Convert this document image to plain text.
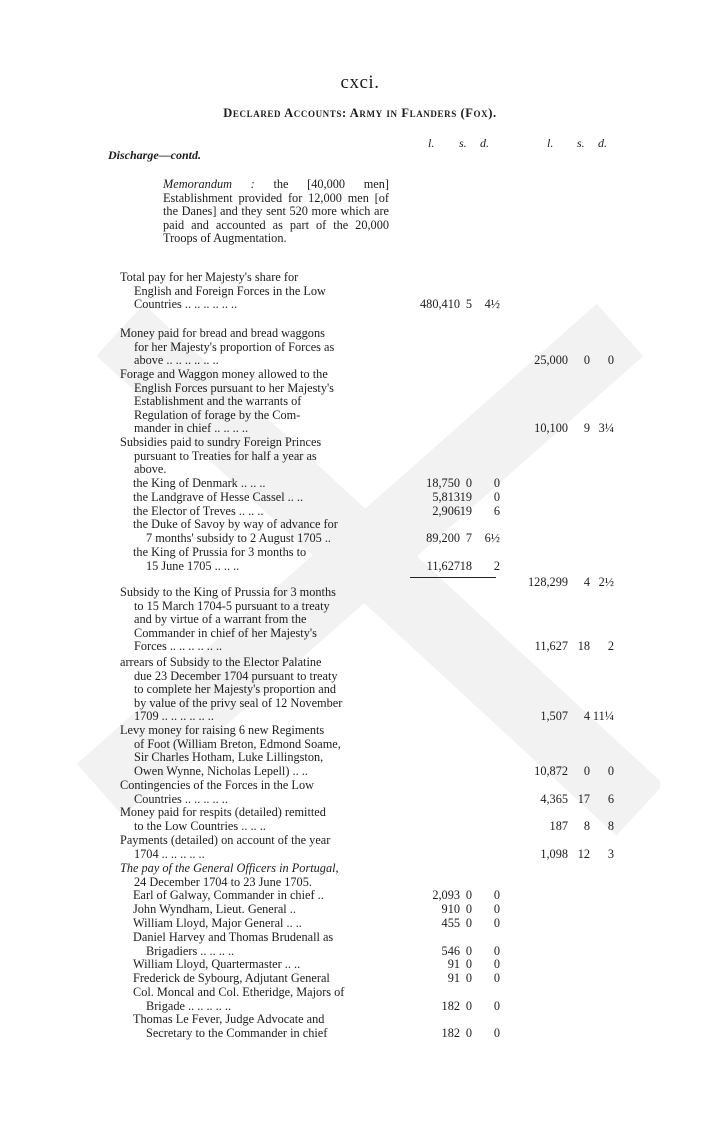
cxci.
Declared Accounts: Army in Flanders (Fox).
l. s. d.	l. s. d.
Discharge—contd.
Memorandum : the [40,000 men] Establishment provided for 12,000 men [of the Danes] and they sent 520 more which are paid and accounted as part of the 20,000 Troops of Augmentation.
Total pay for her Majesty's share for
English and Foreign Forces in the Low
Countries .. .. .. .. .. ..	480,410 5 4½
Money paid for bread and bread waggons
for her Majesty's proportion of Forces as
above .. .. .. .. .. ..	25,000 0 0
Forage and Waggon money allowed to the
English Forces pursuant to her Majesty's
Establishment and the warrants of
Regulation of forage by the Com-
mander in chief .. .. .. ..	10,100 9 3¼
Subsidies paid to sundry Foreign Princes
pursuant to Treaties for half a year as
above.
the King of Denmark .. .. ..	18,750 0 0
the Landgrave of Hesse Cassel .. ..	5,813 19 0
the Elector of Treves .. .. ..	2,906 19 6
the Duke of Savoy by way of advance for
7 months' subsidy to 2 August 1705 ..	89,200 7 6½
the King of Prussia for 3 months to
15 June 1705 .. .. ..	11,627 18 2
128,299 4 2½
Subsidy to the King of Prussia for 3 months
to 15 March 1704-5 pursuant to a treaty
and by virtue of a warrant from the
Commander in chief of her Majesty's
Forces .. .. .. .. .. ..	11,627 18 2
arrears of Subsidy to the Elector Palatine
due 23 December 1704 pursuant to treaty
to complete her Majesty's proportion and
by value of the privy seal of 12 November
1709 .. .. .. .. .. ..	1,507 4 11¼
Levy money for raising 6 new Regiments
of Foot (William Breton, Edmond Soame,
Sir Charles Hotham, Luke Lillingston,
Owen Wynne, Nicholas Lepell) .. ..	10,872 0 0
Contingencies of the Forces in the Low
Countries .. .. .. .. ..	4,365 17 6
Money paid for respits (detailed) remitted
to the Low Countries .. .. ..	187 8 8
Payments (detailed) on account of the year
1704 .. .. .. .. ..	1,098 12 3
The pay of the General Officers in Portugal,
24 December 1704 to 23 June 1705.
Earl of Galway, Commander in chief ..	2,093 0 0
John Wyndham, Lieut. General ..	910 0 0
William Lloyd, Major General .. ..	455 0 0
Daniel Harvey and Thomas Brudenall as
Brigadiers .. .. .. ..	546 0 0
William Lloyd, Quartermaster .. ..	91 0 0
Frederick de Sybourg, Adjutant General	91 0 0
Col. Moncal and Col. Etheridge, Majors of
Brigade .. .. .. .. ..	182 0 0
Thomas Le Fever, Judge Advocate and
Secretary to the Commander in chief	182 0 0
